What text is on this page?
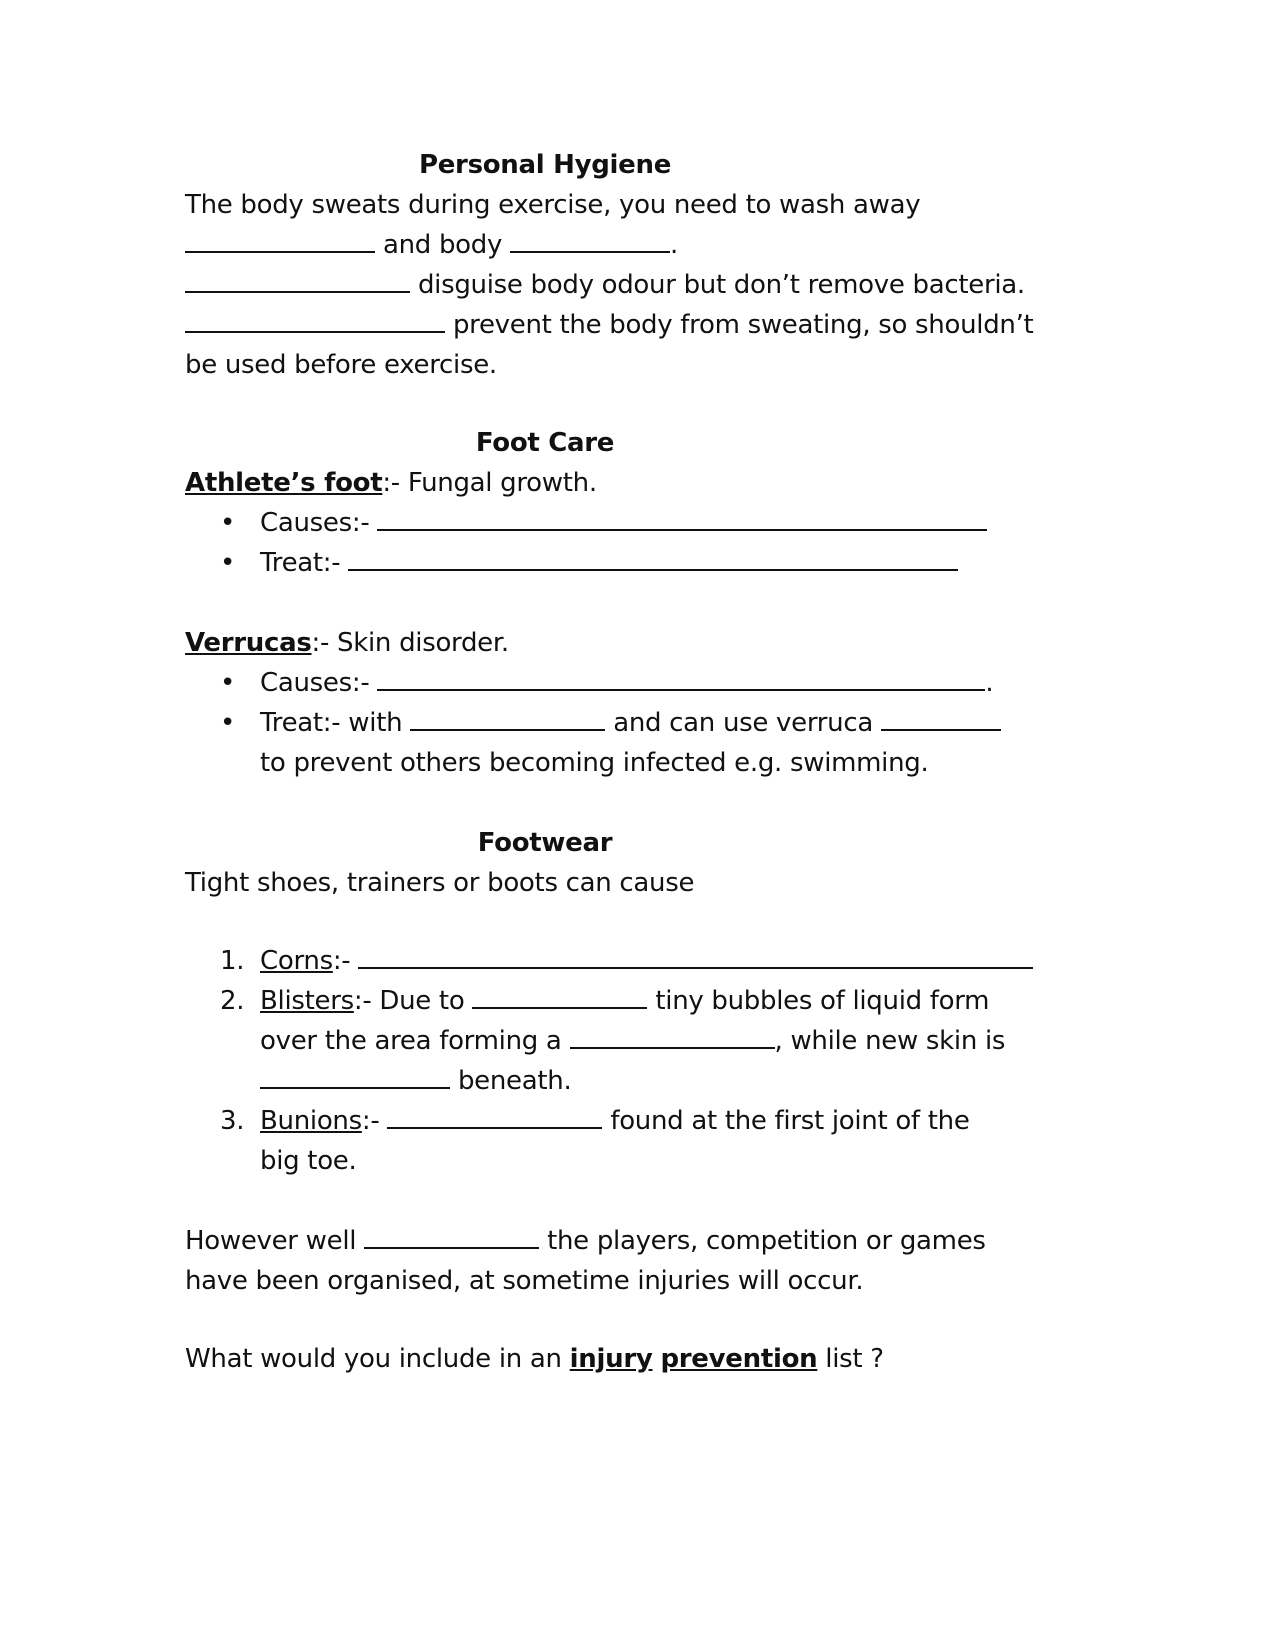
Personal Hygiene

The body sweats during exercise, you need to wash away

and body	.

disguise body odour but don’t remove bacteria.

prevent the body from sweating, so shouldn’t

be used before exercise.

Foot Care

Athlete’s foot:- Fungal growth.

• Causes:-
• Treat:-

Verrucas:- Skin disorder.

• Causes:-	.
• Treat:- with	and can use verruca
to prevent others becoming infected e.g. swimming.

Footwear

Tight shoes, trainers or boots can cause

1. Corns:-
2. Blisters:- Due to	tiny bubbles of liquid form
over the area forming a	, while new skin is
beneath.
3. Bunions:-	found at the first joint of the
big toe.

However well	the players, competition or games

have been organised, at sometime injuries will occur.

What would you include in an injury prevention list ?
